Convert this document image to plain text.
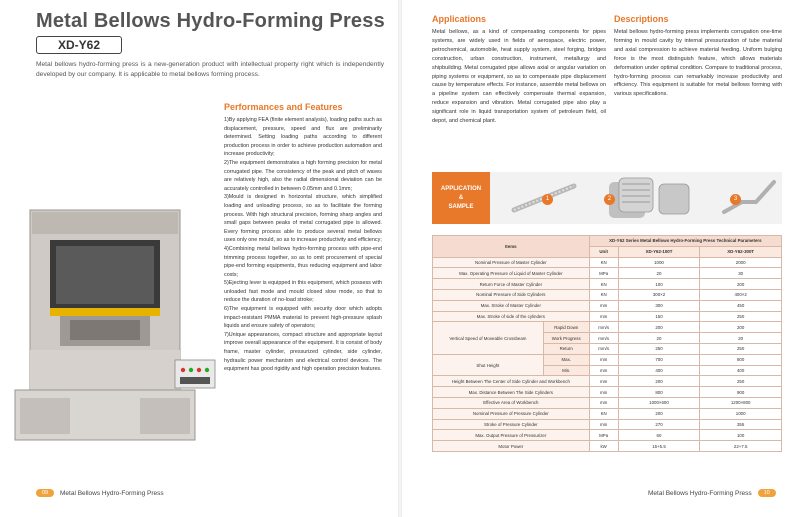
Metal Bellows Hydro-Forming Press
XD-Y62
Metal bellows hydro-forming press is a new-generation product with intellectual property right which is independently developed by our company. It is applicable to metal bellows forming process.
Performances and Features

1)By applying FEA (finite element analysis), loading paths such as displacement, pressure, speed and flux are preliminarily determined. Setting loading paths according to different production process in order to achieve production automation and increase productivity;

2)The equipment demonstrates a high forming precision for metal corrugated pipe. The consistency of the peak and pitch of waves are relatively high, also the radial dimensional deviation can be accurately controlled in between 0.05mm and 0.1mm;

3)Mould is designed in horizontal structure, which simplified loading and unloading process, so as to facilitate the forming process. With high structural precision, forming sharp angles and small gaps between peaks of metal corrugated pipe is allowed. Every forming process able to produce several metal bellows uses only one mould, so as to increase productivity and efficiency;

4)Combining metal bellows hydro-forming process with pipe-end trimming process together, so as to omit procurement of special pipe-end forming equipments, thus reducing equipment and labor costs;

5)Ejecting lever is equipped in this equipment, which possess with unloaded fast mode and mould closed slow mode, so that to reduce the duration of no-load stroke;

6)The equipment is equipped with security door which adopts impact-resistant PMMA material to prevent high-pressure splash liquids and ensure safety of operators;

7)Unique appearances, compact structure and appropriate layout improve overall appearance of the equipment. It is consist of body frame, master cylinder, pressurized cylinder, side cylinder, hydraulic power mechanism and electrical control devices. The equipment has good rigidity and high operation precision features.

09	Metal Bellows Hydro-Forming Press
Applications
Metal bellows, as a kind of compensating components for pipes systems, are widely used in fields of aerospace, electric power, petrochemical, automobile, heat supply system, steel forging, bridges construction, urban construction, instrument, metallurgy and shipbuilding. Metal corrugated pipe allows axial or angular variation on piping systems or equipment, so as to compensate pipe displacement cause by temperature effects. For instance, assemble metal bellows on a pipeline system can effectively compensate thermal expansion, reduce expansion and vibration. Metal corrugated pipe also play a significant role in liquid transportation system of petroleum field, oil depot, and chemical plant.
Descriptions
Metal bellows hydro-forming press implements corrugation one-time forming in mould cavity by internal pressurization of tube material and axial compression to achieve material feeding. Uniform bulging force is the most distinguish feature, which allows materials deformation under optimal condition. Compare to traditional process, hydro-forming process can remarkably increase productivity and efficiency. This equipment is suitable for metal bellows forming with various specifications.
APPLICATION
&
SAMPLE
1	2	3
Items		XD-Y62 Series Metal Bellows Hydro-Forming Press Technical Parameters		
		Unit	XD-Y62-100T	XD-Y62-300T
Nominal Pressure of Master Cylinder		KN	1000	2000
Max. Operating Pressure of Liquid of Master Cylinder		MPa	20	30
Return Force of Master Cylinder		KN	100	200
Nominal Pressure of Side Cylinders		KN	300×2	400×2
Max. Stroke of Master Cylinder		mm	300	450
Max. Stroke of side of the cylinders		mm	150	250
Vertical Speed of Moveable Crossbeam	Rapid Down	mm/s	200	200
	Work Progress	mm/s	20	20
	Return	mm/s	250	250
Shut Height	Max.	mm	700	800
	Min.	mm	400	400
Height Between The Center of Side Cylinder and Workbench		mm	200	250
Max. Distance Between The Side Cylinders		mm	800	900
Effective Area of Workbench		mm	1000×600	1200×800
Nominal Pressure of Pressure Cylinder		KN	200	1000
Stroke of Pressure Cylinder		mm	270	355
Max. Output Pressure of Pressurizer		MPa	60	100
Motor Power		kW	15+5.5	22+7.5
Metal Bellows Hydro-Forming Press	10
